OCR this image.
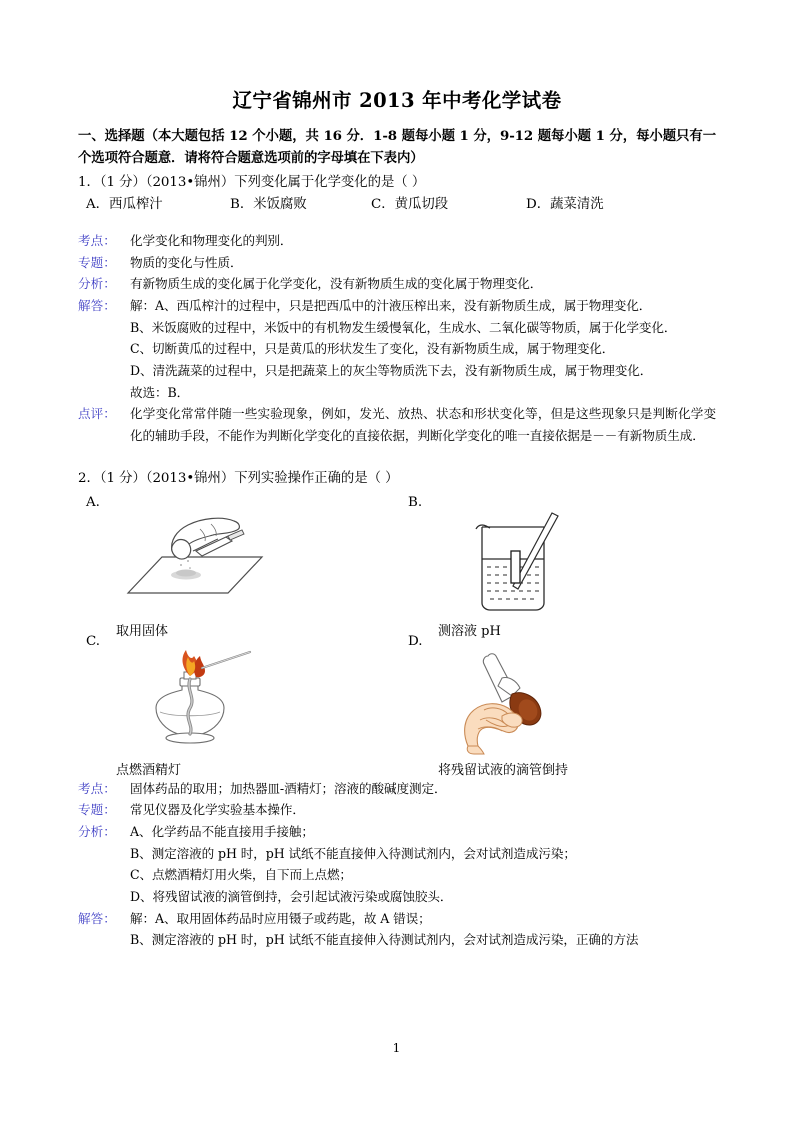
辽宁省锦州市 2013 年中考化学试卷

一、选择题（本大题包括 12 个小题，共 16 分．1-8 题每小题 1 分，9-12 题每小题 1 分，每小题只有一个选项符合题意．请将符合题意选项前的字母填在下表内）

1．（1 分）（2013•锦州）下列变化属于化学变化的是（ ）

A．西瓜榨汁	B．米饭腐败	C．黄瓜切段	D．蔬菜清洗
考点：	化学变化和物理变化的判别．
专题：	物质的变化与性质．
分析：	有新物质生成的变化属于化学变化，没有新物质生成的变化属于物理变化．
解答：	解：A、西瓜榨汁的过程中，只是把西瓜中的汁液压榨出来，没有新物质生成，属于物理变化．
B、米饭腐败的过程中，米饭中的有机物发生缓慢氧化，生成水、二氧化碳等物质，属于化学变化．
C、切断黄瓜的过程中，只是黄瓜的形状发生了变化，没有新物质生成，属于物理变化．
D、清洗蔬菜的过程中，只是把蔬菜上的灰尘等物质洗下去，没有新物质生成，属于物理变化．
故选：B．
点评：	化学变化常常伴随一些实验现象，例如，发光、放热、状态和形状变化等，但是这些现象只是判断化学变化的辅助手段，不能作为判断化学变化的直接依据，判断化学变化的唯一直接依据是－－有新物质生成．

2．（1 分）（2013•锦州）下列实验操作正确的是（ ）

A.
取用固体
B.
测溶液 pH
C.
点燃酒精灯
D.
将残留试液的滴管倒持
考点：	固体药品的取用；加热器皿-酒精灯；溶液的酸碱度测定．
专题：	常见仪器及化学实验基本操作．
分析：	A、化学药品不能直接用手接触；
B、测定溶液的 pH 时，pH 试纸不能直接伸入待测试剂内，会对试剂造成污染；
C、点燃酒精灯用火柴，自下而上点燃；
D、将残留试液的滴管倒持，会引起试液污染或腐蚀胶头．
解答：	解：A、取用固体药品时应用镊子或药匙，故 A 错误；
B、测定溶液的 pH 时，pH 试纸不能直接伸入待测试剂内，会对试剂造成污染，正确的方法
1
